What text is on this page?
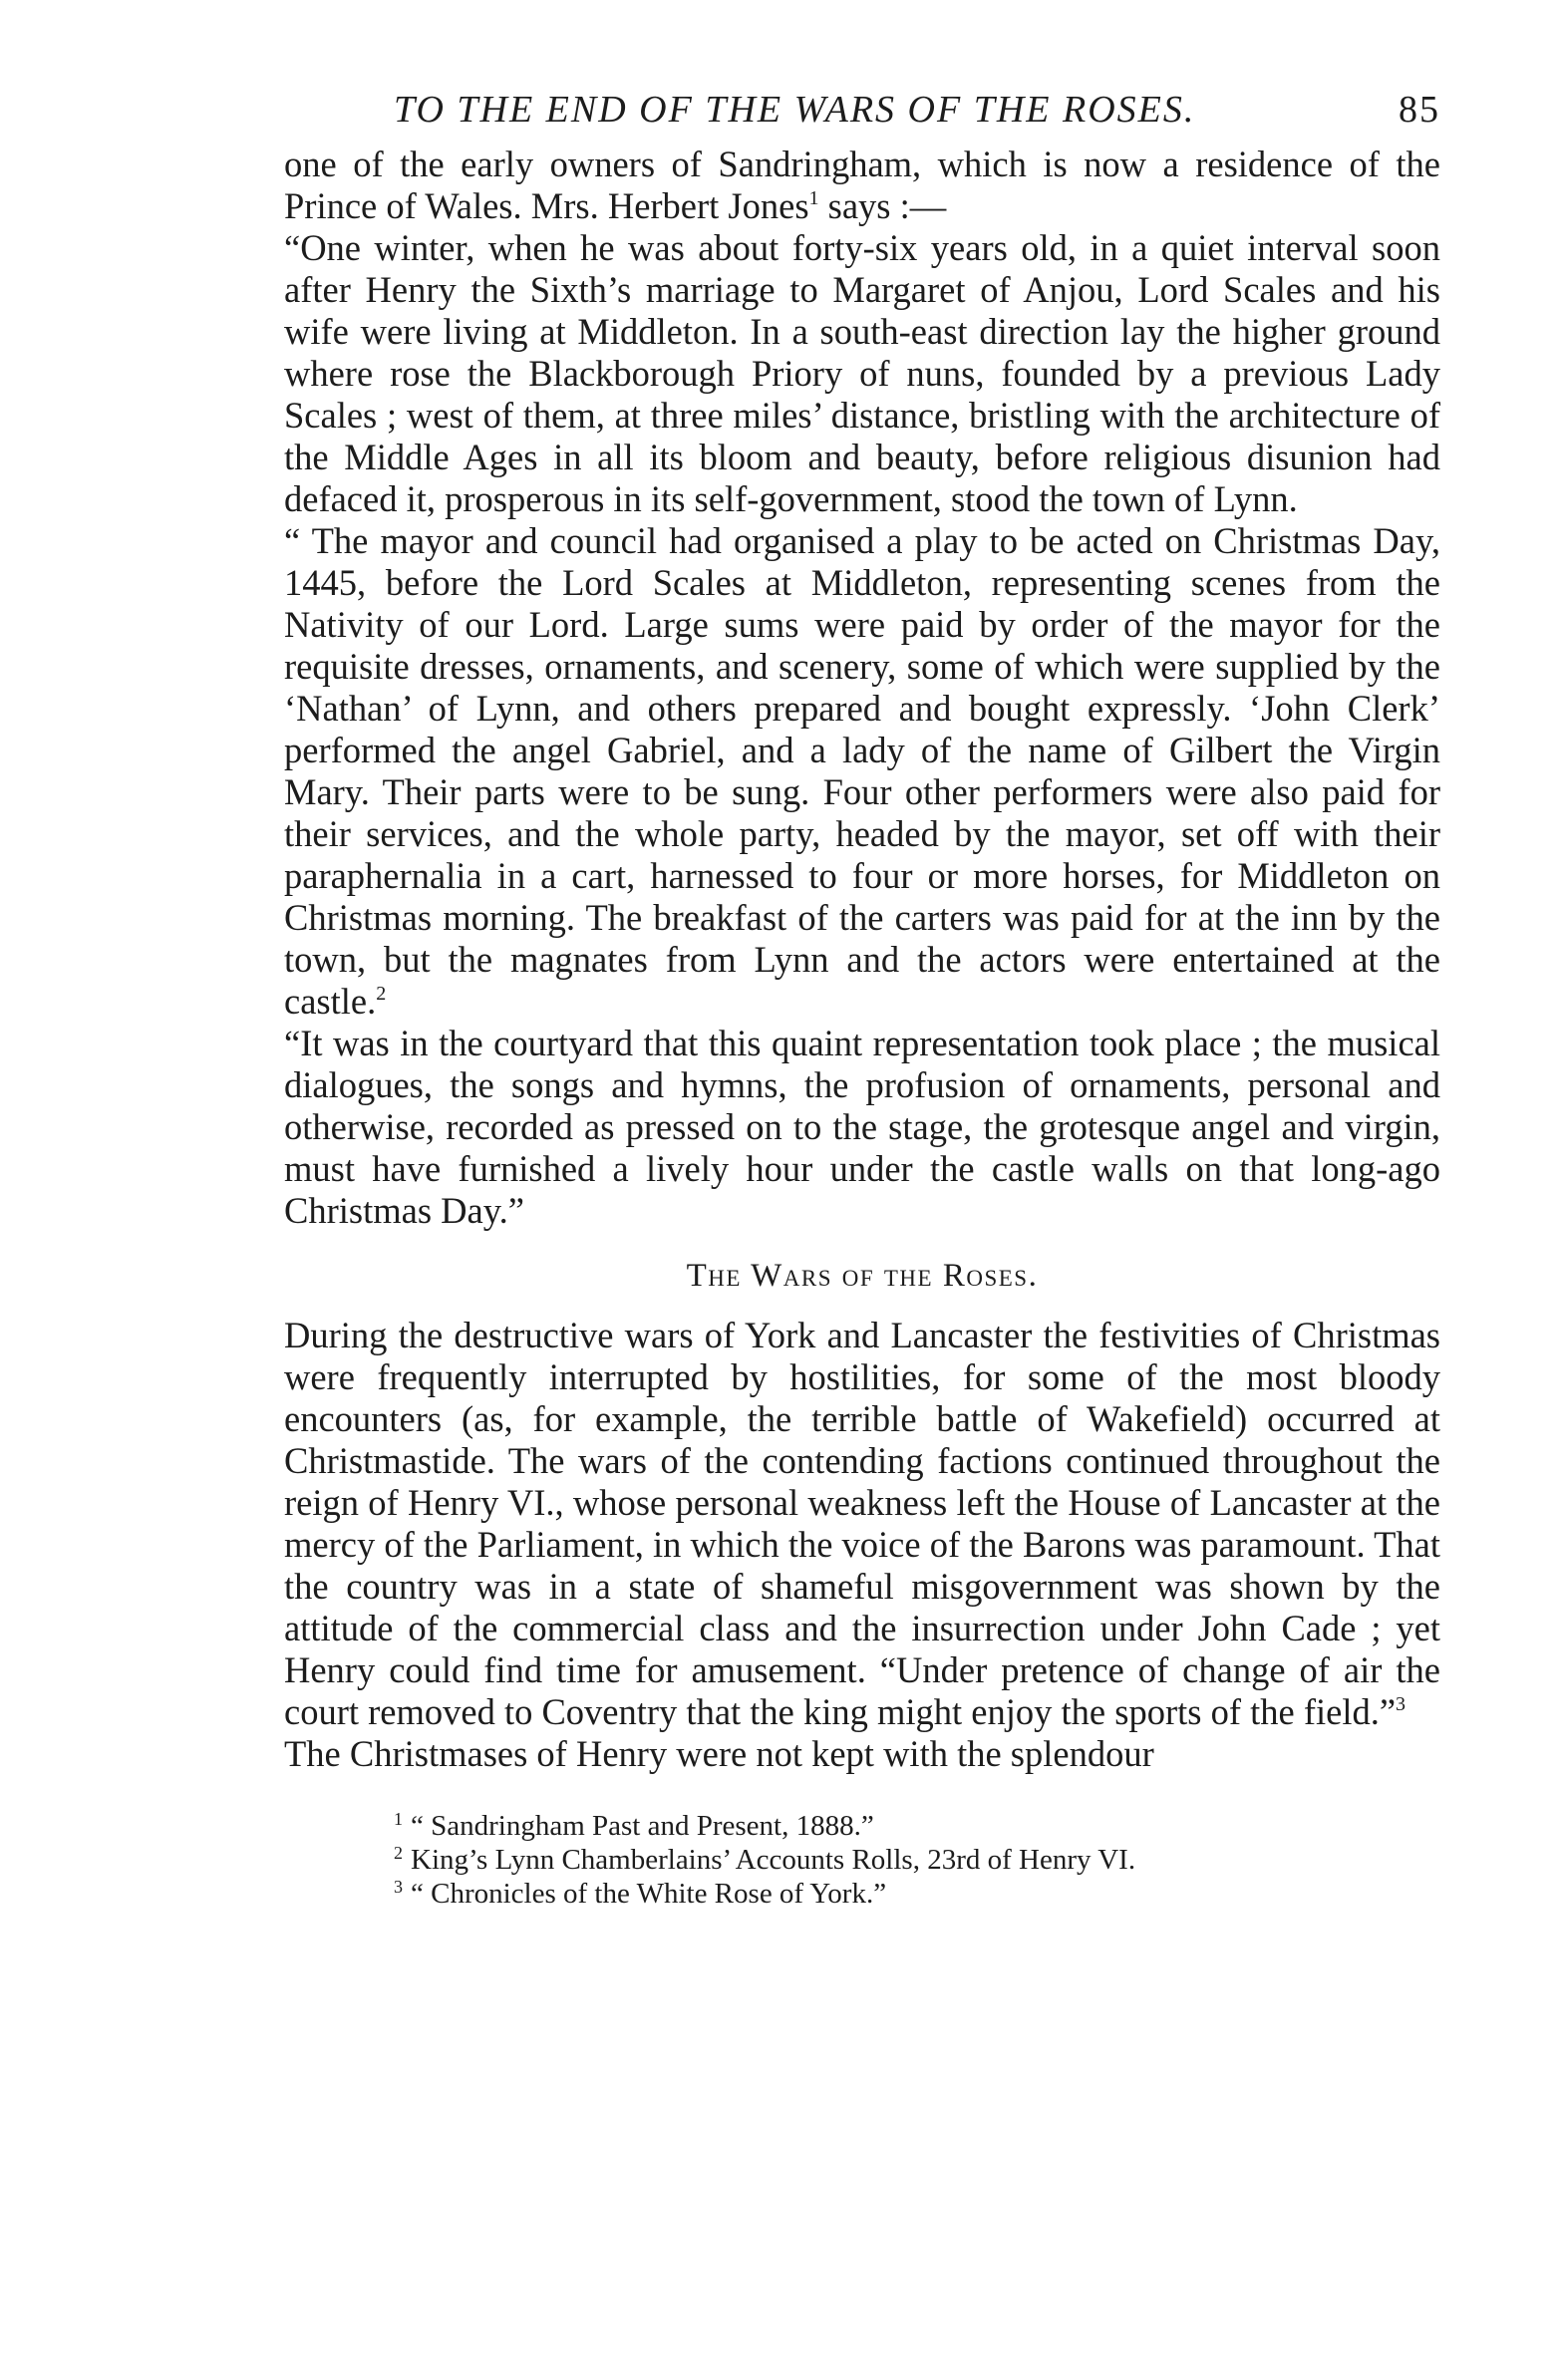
TO THE END OF THE WARS OF THE ROSES.	85

one of the early owners of Sandringham, which is now a residence of the Prince of Wales. Mrs. Herbert Jones$^1$ says :—

“One winter, when he was about forty-six years old, in a quiet interval soon after Henry the Sixth’s marriage to Margaret of Anjou, Lord Scales and his wife were living at Middleton. In a south-east direction lay the higher ground where rose the Blackborough Priory of nuns, founded by a previous Lady Scales ; west of them, at three miles’ distance, bristling with the architecture of the Middle Ages in all its bloom and beauty, before religious disunion had defaced it, prosperous in its self-government, stood the town of Lynn.

“ The mayor and council had organised a play to be acted on Christmas Day, 1445, before the Lord Scales at Middleton, representing scenes from the Nativity of our Lord. Large sums were paid by order of the mayor for the requisite dresses, ornaments, and scenery, some of which were supplied by the ‘Nathan’ of Lynn, and others prepared and bought expressly. ‘John Clerk’ performed the angel Gabriel, and a lady of the name of Gilbert the Virgin Mary. Their parts were to be sung. Four other performers were also paid for their services, and the whole party, headed by the mayor, set off with their paraphernalia in a cart, harnessed to four or more horses, for Middleton on Christmas morning. The breakfast of the carters was paid for at the inn by the town, but the magnates from Lynn and the actors were entertained at the castle.$^2$

“It was in the courtyard that this quaint representation took place ; the musical dialogues, the songs and hymns, the profusion of ornaments, personal and otherwise, recorded as pressed on to the stage, the grotesque angel and virgin, must have furnished a lively hour under the castle walls on that long-ago Christmas Day.”

The Wars of the Roses.

During the destructive wars of York and Lancaster the festivities of Christmas were frequently interrupted by hostilities, for some of the most bloody encounters (as, for example, the terrible battle of Wakefield) occurred at Christmastide. The wars of the contending factions continued throughout the reign of Henry VI., whose personal weakness left the House of Lancaster at the mercy of the Parliament, in which the voice of the Barons was paramount. That the country was in a state of shameful misgovernment was shown by the attitude of the commercial class and the insurrection under John Cade ; yet Henry could find time for amusement. “Under pretence of change of air the court removed to Coventry that the king might enjoy the sports of the field.”$^3$

The Christmases of Henry were not kept with the splendour

$^1$ “ Sandringham Past and Present, 1888.”

$^2$ King’s Lynn Chamberlains’ Accounts Rolls, 23rd of Henry VI.

$^3$ “ Chronicles of the White Rose of York.”
